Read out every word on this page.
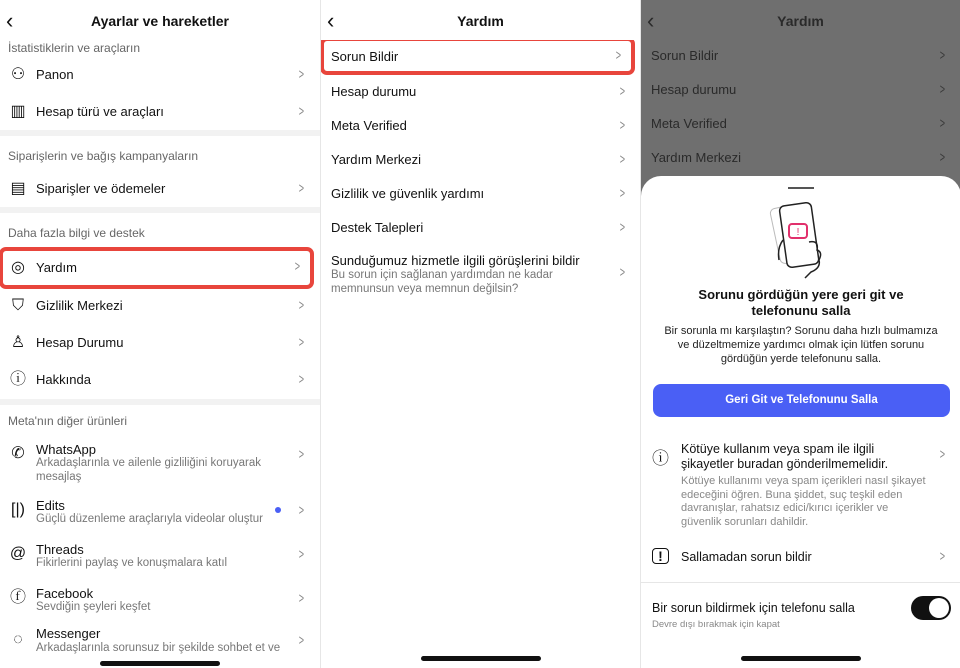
‹	Ayarlar ve hareketler
İstatistiklerin ve araçların
⚇ Panon	>
▥ Hesap türü ve araçları	>
Siparişlerin ve bağış kampanyaların
▤ Siparişler ve ödemeler	>
Daha fazla bilgi ve destek
◎ Yardım	>
⛉ Gizlilik Merkezi	>
♙ Hesap Durumu	>
ⓘ Hakkında	>
Meta'nın diğer ürünleri
✆ WhatsApp
Arkadaşlarınla ve ailenle gizliliğini koruyarak mesajlaş
>
[|) Edits
Güçlü düzenleme araçlarıyla videolar oluştur	>
@ Threads
Fikirlerini paylaş ve konuşmalara katıl	>
ⓕ Facebook
Sevdiğin şeyleri keşfet	>
◌	Messenger
Arkadaşlarınla sorunsuz bir şekilde sohbet et ve	>
‹	Yardım
Sorun Bildir	>
Hesap durumu	>
Meta Verified	>
Yardım Merkezi	>
Gizlilik ve güvenlik yardımı	>
Destek Talepleri	>
Sunduğumuz hizmetle ilgili görüşlerini bildir
Bu sorun için sağlanan yardımdan ne kadar memnunsun veya memnun değilsin?
>
‹	Yardım
Sorun Bildir	>
Hesap durumu	>
Meta Verified	>
Yardım Merkezi	>
!
Sorunu gördüğün yere geri git ve telefonunu salla
Bir sorunla mı karşılaştın? Sorunu daha hızlı bulmamıza ve düzeltmemize yardımcı olmak için lütfen sorunu gördüğün yerde telefonunu salla.
Geri Git ve Telefonunu Salla
ⓘ Kötüye kullanım veya spam ile ilgili şikayetler buradan gönderilmemelidir.
Kötüye kullanımı veya spam içerikleri nasıl şikayet edeceğini öğren. Buna şiddet, suç teşkil eden davranışlar, rahatsız edici/kırıcı içerikler ve güvenlik sorunları dahildir.
>
!	Sallamadan sorun bildir	>
Bir sorun bildirmek için telefonu salla
Devre dışı bırakmak için kapat
